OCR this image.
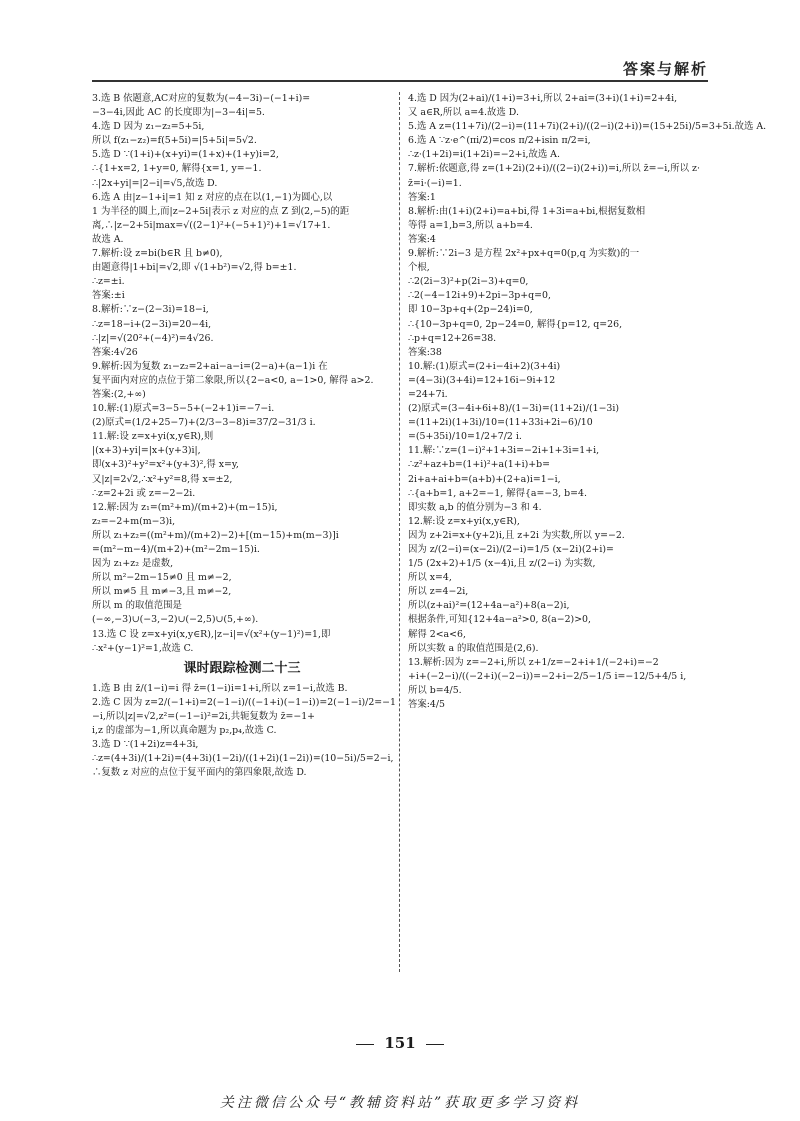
答案与解析
3.选 B 依题意,AC对应的复数为(−4−3i)−(−1+i)=
−3−4i,因此 AC 的长度即为|−3−4i|=5.
4.选 D 因为 z₁−z₂=5+5i,
所以 f(z₁−z₂)=f(5+5i)=|5+5i|=5√2.
5.选 D ∵(1+i)+(x+yi)=(1+x)+(1+y)i=2,
∴{1+x=2, 1+y=0, 解得{x=1, y=−1.
∴|2x+yi|=|2−i|=√5,故选 D.
6.选 A 由|z−1+i|=1 知 z 对应的点在以(1,−1)为圆心,以
1 为半径的圆上,而|z−2+5i|表示 z 对应的点 Z 到(2,−5)的距
离,∴|z−2+5i|max=√((2−1)²+(−5+1)²)+1=√17+1.
故选 A.
7.解析:设 z=bi(b∈R 且 b≠0),
由题意得|1+bi|=√2,即 √(1+b²)=√2,得 b=±1.
∴z=±i.
答案:±i
8.解析:∵z−(2−3i)=18−i,
∴z=18−i+(2−3i)=20−4i,
∴|z|=√(20²+(−4)²)=4√26.
答案:4√26
9.解析:因为复数 z₁−z₂=2+ai−a−i=(2−a)+(a−1)i 在
复平面内对应的点位于第二象限,所以{2−a<0, a−1>0, 解得 a>2.
答案:(2,+∞)
10.解:(1)原式=3−5−5+(−2+1)i=−7−i.
(2)原式=(1/2+25−7)+(2/3−3−8)i=37/2−31/3 i.
11.解:设 z=x+yi(x,y∈R),则
|(x+3)+yi|=|x+(y+3)i|,
即(x+3)²+y²=x²+(y+3)²,得 x=y,
又|z|=2√2,∴x²+y²=8,得 x=±2,
∴z=2+2i 或 z=−2−2i.
12.解:因为 z₁=(m²+m)/(m+2)+(m−15)i,
z₂=−2+m(m−3)i,
所以 z₁+z₂=((m²+m)/(m+2)−2)+[(m−15)+m(m−3)]i
=(m²−m−4)/(m+2)+(m²−2m−15)i.
因为 z₁+z₂ 是虚数,
所以 m²−2m−15≠0 且 m≠−2,
所以 m≠5 且 m≠−3,且 m≠−2,
所以 m 的取值范围是
(−∞,−3)∪(−3,−2)∪(−2,5)∪(5,+∞).
13.选 C 设 z=x+yi(x,y∈R),|z−i|=√(x²+(y−1)²)=1,即
∴x²+(y−1)²=1,故选 C.
课时跟踪检测二十三
1.选 B 由 z̄/(1−i)=i 得 z̄=(1−i)i=1+i,所以 z=1−i,故选 B.
2.选 C 因为 z=2/(−1+i)=2(−1−i)/((−1+i)(−1−i))=2(−1−i)/2=−1
−i,所以|z|=√2,z²=(−1−i)²=2i,共轭复数为 z̄=−1+
i,z 的虚部为−1,所以真命题为 p₂,p₄,故选 C.
3.选 D ∵(1+2i)z=4+3i,
∴z=(4+3i)/(1+2i)=(4+3i)(1−2i)/((1+2i)(1−2i))=(10−5i)/5=2−i,
∴复数 z 对应的点位于复平面内的第四象限,故选 D.
4.选 D 因为(2+ai)/(1+i)=3+i,所以 2+ai=(3+i)(1+i)=2+4i,
又 a∈R,所以 a=4.故选 D.
5.选 A z=(11+7i)/(2−i)=(11+7i)(2+i)/((2−i)(2+i))=(15+25i)/5=3+5i.故选 A.
6.选 A ∵z·e^(πi/2)=cos π/2+isin π/2=i,
∴z·(1+2i)=i(1+2i)=−2+i,故选 A.
7.解析:依题意,得 z=(1+2i)(2+i)/((2−i)(2+i))=i,所以 z̄=−i,所以 z·
z̄=i·(−i)=1.
答案:1
8.解析:由(1+i)(2+i)=a+bi,得 1+3i=a+bi,根据复数相
等得 a=1,b=3,所以 a+b=4.
答案:4
9.解析:∵2i−3 是方程 2x²+px+q=0(p,q 为实数)的一
个根,
∴2(2i−3)²+p(2i−3)+q=0,
∴2(−4−12i+9)+2pi−3p+q=0,
即 10−3p+q+(2p−24)i=0,
∴{10−3p+q=0, 2p−24=0, 解得{p=12, q=26,
∴p+q=12+26=38.
答案:38
10.解:(1)原式=(2+i−4i+2)(3+4i)
=(4−3i)(3+4i)=12+16i−9i+12
=24+7i.
(2)原式=(3−4i+6i+8)/(1−3i)=(11+2i)/(1−3i)
=(11+2i)(1+3i)/10=(11+33i+2i−6)/10
=(5+35i)/10=1/2+7/2 i.
11.解:∵z=(1−i)²+1+3i=−2i+1+3i=1+i,
∴z²+az+b=(1+i)²+a(1+i)+b=
2i+a+ai+b=(a+b)+(2+a)i=1−i,
∴{a+b=1, a+2=−1, 解得{a=−3, b=4.
即实数 a,b 的值分别为−3 和 4.
12.解:设 z=x+yi(x,y∈R),
因为 z+2i=x+(y+2)i,且 z+2i 为实数,所以 y=−2.
因为 z/(2−i)=(x−2i)/(2−i)=1/5 (x−2i)(2+i)=
1/5 (2x+2)+1/5 (x−4)i,且 z/(2−i) 为实数,
所以 x=4,
所以 z=4−2i,
所以(z+ai)²=(12+4a−a²)+8(a−2)i,
根据条件,可知{12+4a−a²>0, 8(a−2)>0,
解得 2<a<6,
所以实数 a 的取值范围是(2,6).
13.解析:因为 z=−2+i,所以 z+1/z=−2+i+1/(−2+i)=−2
+i+(−2−i)/((−2+i)(−2−i))=−2+i−2/5−1/5 i=−12/5+4/5 i,
所以 b=4/5.
答案:4/5
151
关注微信公众号“教辅资料站”获取更多学习资料
